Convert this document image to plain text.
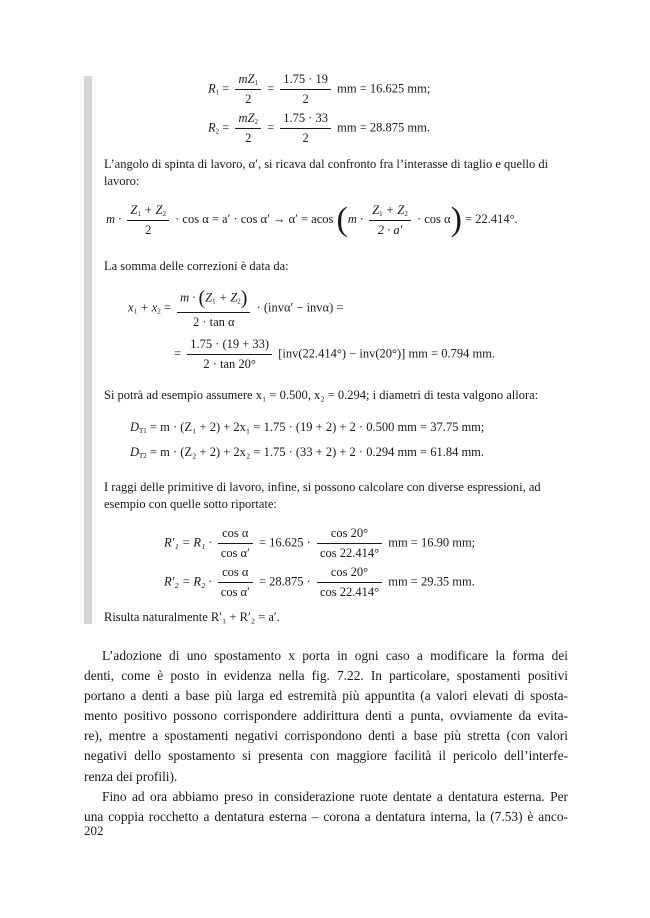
$R_1 = \frac{mZ_1}{2} = \frac{1.75 \cdot 19}{2}$ mm = 16.625 mm;
$R_2 = \frac{mZ_2}{2} = \frac{1.75 \cdot 33}{2}$ mm = 28.875 mm.
L’angolo di spinta di lavoro, α′, si ricava dal confronto fra l’interasse di taglio e quello di
lavoro:
$m \cdot \frac{Z_1 + Z_2}{2} \cdot \cos \alpha = a' \cdot \cos \alpha' \to \alpha' = acos$ $(m \cdot \frac{Z_1 + Z_2}{2 \cdot a'} \cdot \cos \alpha) = 22.414^\circ$.
La somma delle correzioni è data da:
$x_1 + x_2 = \frac{m \cdot (Z_1 + Z_2)}{\text{2 · tan α}} \cdot (inv\alpha' - inv\alpha)$ =
= $\frac{1.75 \cdot (19 + 33)}{2 \cdot \tan 20^\circ} [inv(22.414^\circ) - inv(20^\circ)]$ mm = 0.794 mm.
Si potrà ad esempio assumere x₁ = 0.500, x₂ = 0.294; i diametri di testa valgono allora:
$D_{T1} = m \cdot (Z_1 + 2) + 2x_1 = 1.75 \cdot (19 + 2) + 2 \cdot 0.500$ mm = 37.75 mm;
$D_{T2} = m \cdot (Z_2 + 2) + 2x_2 = 1.75 \cdot (33 + 2) + 2 \cdot 0.294$ mm = 61.84 mm.
I raggi delle primitive di lavoro, infine, si possono calcolare con diverse espressioni, ad
esempio con quelle sotto riportate:
$R'_1 = R_1 \cdot \frac{\text{cos α}}{\text{cos α′}} = 16.625 \cdot \frac{\cos 20^\circ}{\cos 22.414^\circ}$ mm = 16.90 mm;
$R'_2 = R_2 \cdot \frac{\text{cos α}}{\text{cos α′}} = 28.875 \cdot \frac{\cos 20^\circ}{\cos 22.414^\circ}$ mm = 29.35 mm.
Risulta naturalmente R′₁ + R′₂ = a′.
L’adozione di uno spostamento x porta in ogni caso a modificare la forma dei
denti, come è posto in evidenza nella fig. 7.22. In particolare, spostamenti positivi
portano a denti a base più larga ed estremità più appuntita (a valori elevati di sposta-
mento positivo possono corrispondere addirittura denti a punta, ovviamente da evita-
re), mentre a spostamenti negativi corrispondono denti a base più stretta (con valori
negativi dello spostamento si presenta con maggiore facilità il pericolo dell’interfe-
renza dei profili).
Fino ad ora abbiamo preso in considerazione ruote dentate a dentatura esterna. Per
una coppia rocchetto a dentatura esterna – corona a dentatura interna, la (7.53) è anco-
202
